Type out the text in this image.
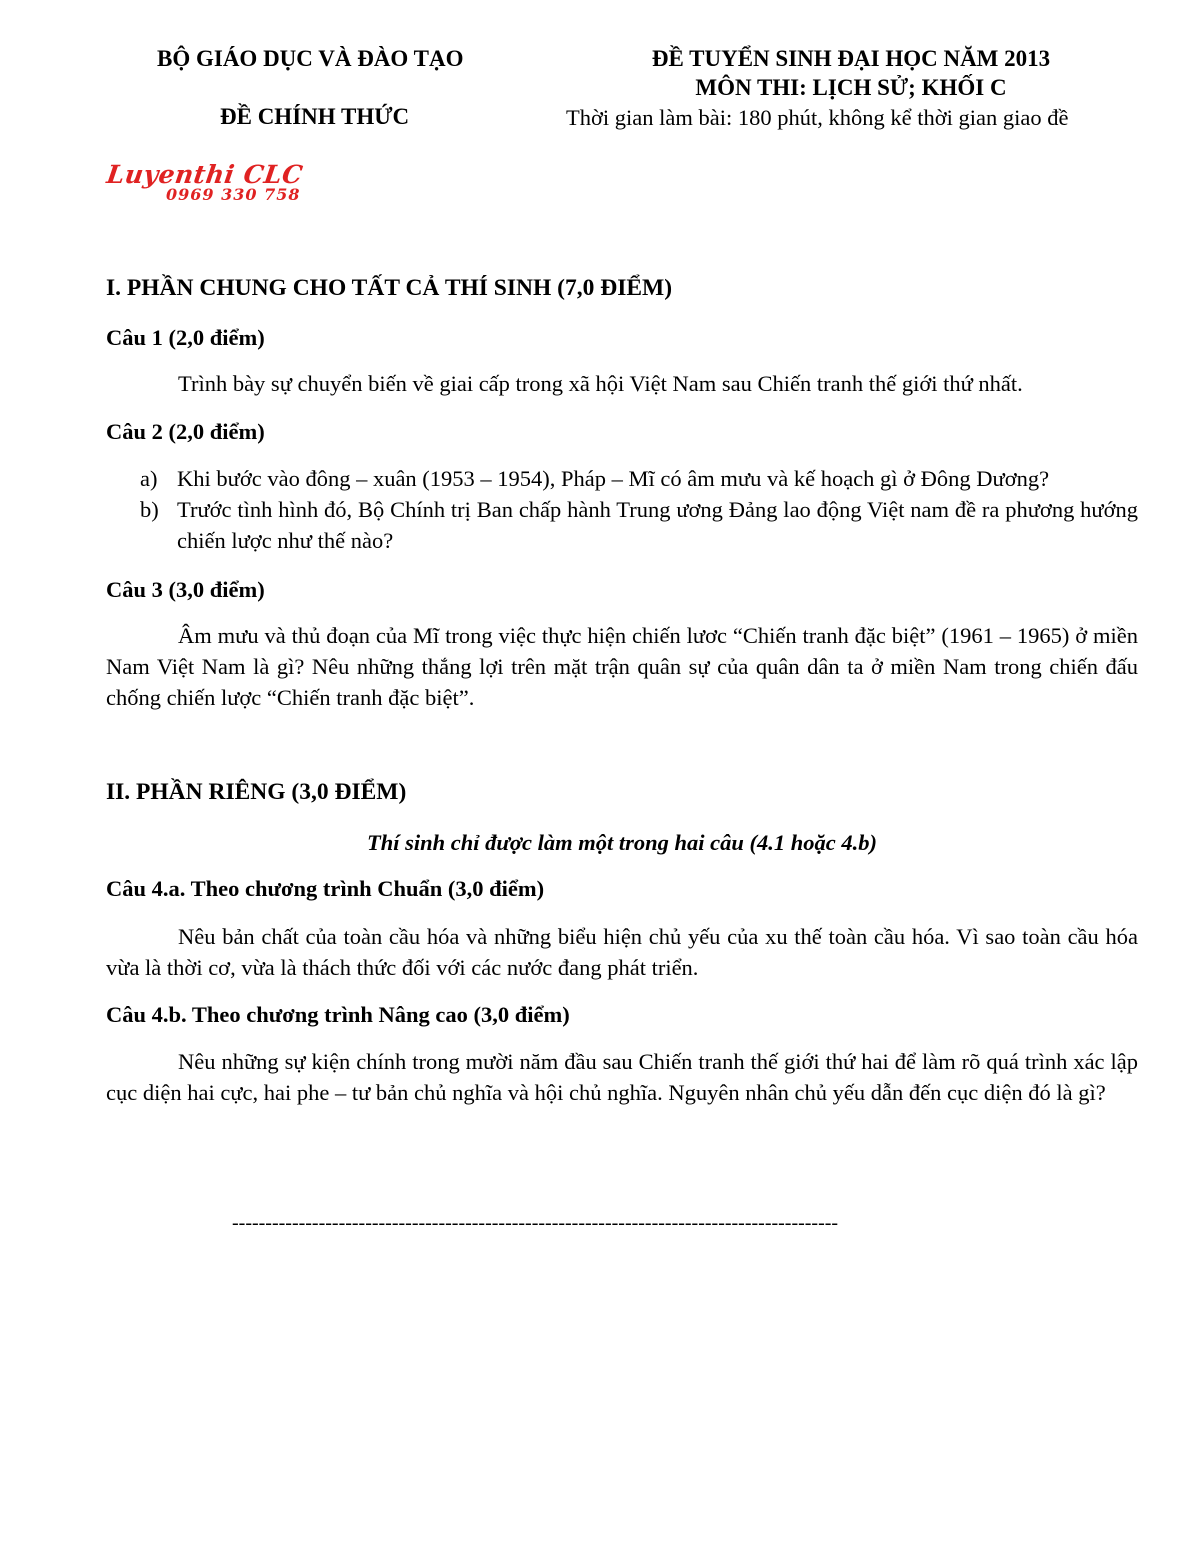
BỘ GIÁO DỤC VÀ ĐÀO TẠO
ĐỀ CHÍNH THỨC
ĐỀ TUYỂN SINH ĐẠI HỌC NĂM 2013
MÔN THI: LỊCH SỬ; KHỐI C
Thời gian làm bài: 180 phút, không kể thời gian giao đề
Luyenthi CLC
0969 330 758
I. PHẦN CHUNG CHO TẤT CẢ THÍ SINH (7,0 ĐIỂM)
Câu 1 (2,0 điểm)
Trình bày sự chuyển biến về giai cấp trong xã hội Việt Nam sau Chiến tranh thế giới thứ nhất.
Câu 2 (2,0 điểm)
a) Khi bước vào đông – xuân (1953 – 1954), Pháp – Mĩ có âm mưu và kế hoạch gì ở Đông Dương?
b) Trước tình hình đó, Bộ Chính trị Ban chấp hành Trung ương Đảng lao động Việt nam đề ra phương hướng chiến lược như thế nào?
Câu 3 (3,0 điểm)
Âm mưu và thủ đoạn của Mĩ trong việc thực hiện chiến lươc “Chiến tranh đặc biệt” (1961 – 1965) ở miền Nam Việt Nam là gì? Nêu những thắng lợi trên mặt trận quân sự của quân dân ta ở miền Nam trong chiến đấu chống chiến lược “Chiến tranh đặc biệt”.
II. PHẦN RIÊNG (3,0 ĐIỂM)
Thí sinh chỉ được làm một trong hai câu (4.1 hoặc 4.b)
Câu 4.a. Theo chương trình Chuẩn (3,0 điểm)
Nêu bản chất của toàn cầu hóa và những biểu hiện chủ yếu của xu thế toàn cầu hóa. Vì sao toàn cầu hóa vừa là thời cơ, vừa là thách thức đối với các nước đang phát triển.
Câu 4.b. Theo chương trình Nâng cao (3,0 điểm)
Nêu những sự kiện chính trong mười năm đầu sau Chiến tranh thế giới thứ hai để làm rõ quá trình xác lập cục diện hai cực, hai phe – tư bản chủ nghĩa và hội chủ nghĩa. Nguyên nhân chủ yếu dẫn đến cục diện đó là gì?
-------------------------------------------------------------------------------------------
